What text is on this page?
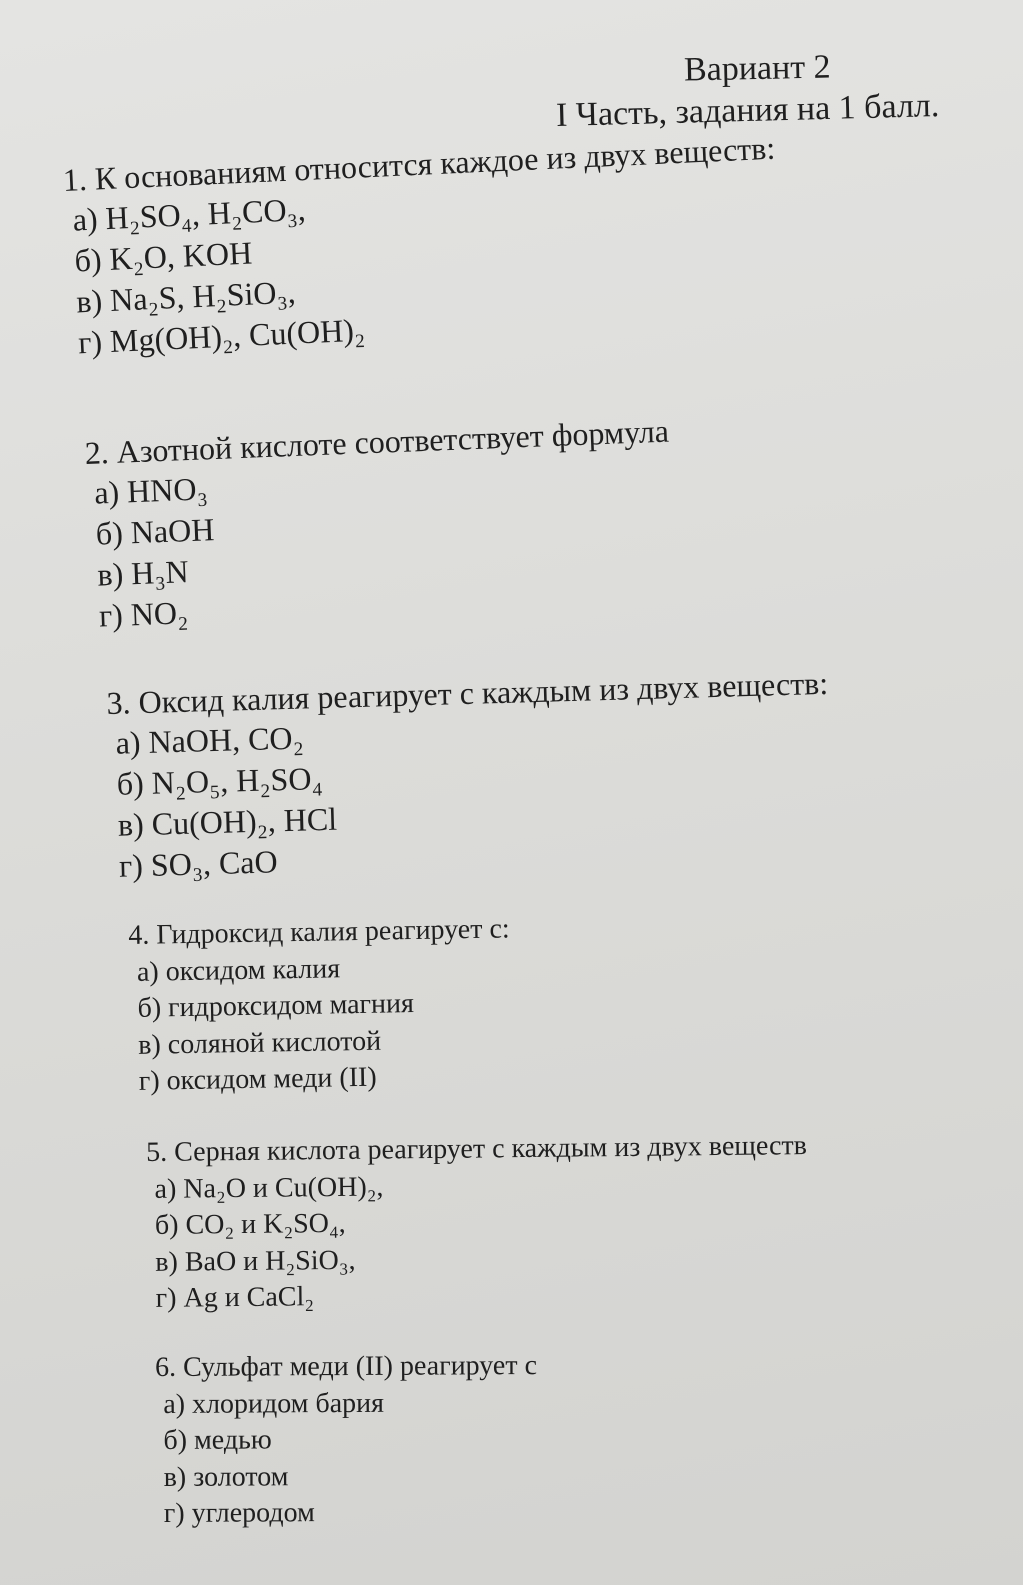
Вариант 2
I Часть, задания на 1 балл.
1. К основаниям относится каждое из двух веществ:
а) H₂SO₄, H₂CO₃,
б) K₂O, KOH
в) Na₂S, H₂SiO₃,
г) Mg(OH)₂, Cu(OH)₂
2. Азотной кислоте соответствует формула
а) HNO₃
б) NaOH
в) H₃N
г) NO₂
3. Оксид калия реагирует с каждым из двух веществ:
а) NaOH, CO₂
б) N₂O₅, H₂SO₄
в) Cu(OH)₂, HCl
г) SO₃, CaO
4. Гидроксид калия реагирует с:
а) оксидом калия
б) гидроксидом магния
в) соляной кислотой
г) оксидом меди (II)
5. Серная кислота реагирует с каждым из двух веществ
а) Na₂O и Cu(OH)₂,
б) CO₂ и K₂SO₄,
в) BaO и H₂SiO₃,
г) Ag и CaCl₂
6. Сульфат меди (II) реагирует с
а) хлоридом бария
б) медью
в) золотом
г) углеродом
